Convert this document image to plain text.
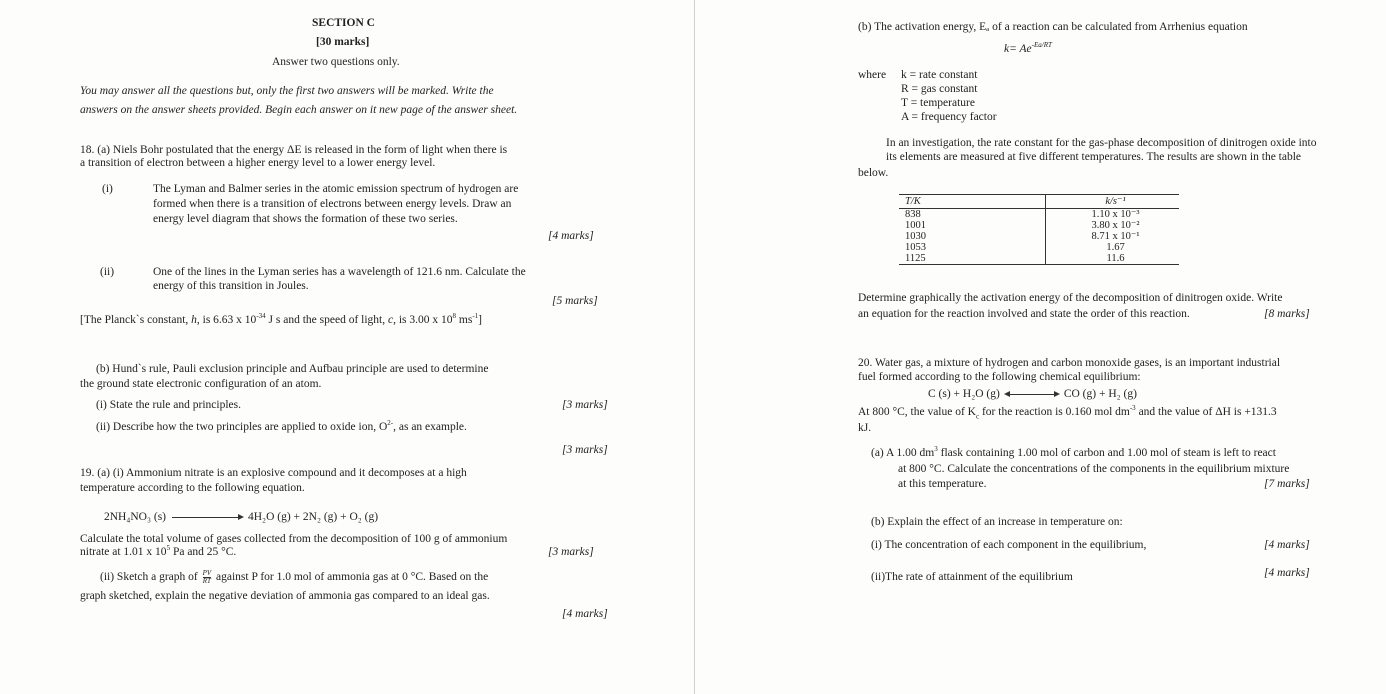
SECTION C
[30 marks]
Answer two questions only.
You may answer all the questions but, only the first two answers will be marked. Write the
answers on the answer sheets provided. Begin each answer on it new page of the answer sheet.
18. (a) Niels Bohr postulated that the energy ΔE is released in the form of light when there is
a transition of electron between a higher energy level to a lower energy level.
(i)	The Lyman and Balmer series in the atomic emission spectrum of hydrogen are
formed when there is a transition of electrons between energy levels. Draw an
energy level diagram that shows the formation of these two series.
[4 marks]
(ii)	One of the lines in the Lyman series has a wavelength of 121.6 nm. Calculate the
energy of this transition in Joules.
[5 marks]
[The Planck`s constant, h, is 6.63 x $10^{-34}$ J s and the speed of light, c, is 3.00 x $10^8$ $ms^{-1}$]
(b) Hund`s rule, Pauli exclusion principle and Aufbau principle are used to determine
the ground state electronic configuration of an atom.
(i) State the rule and principles.	[3 marks]
(ii) Describe how the two principles are applied to oxide ion, $O^{2-}$, as an example.
[3 marks]
19. (a) (i) Ammonium nitrate is an explosive compound and it decomposes at a high
temperature according to the following equation.
2NH₄NO₃ (s)	4H₂O (g) + 2N₂ (g) + O₂ (g)
Calculate the total volume of gases collected from the decomposition of 100 g of ammonium
nitrate at 1.01 x $10^5$ Pa and 25 °C.	[3 marks]
(ii) Sketch a graph of $\frac{PV}{RT}$ against P for 1.0 mol of ammonia gas at 0 °C. Based on the
graph sketched, explain the negative deviation of ammonia gas compared to an ideal gas.
[4 marks]
(b) The activation energy, Eₐ of a reaction can be calculated from Arrhenius equation
$k= Ae^{-Ea/RT}$
where k = rate constant
R = gas constant
T = temperature
A = frequency factor
In an investigation, the rate constant for the gas-phase decomposition of dinitrogen oxide into
its elements are measured at five different temperatures. The results are shown in the table
below.
T/K	k/s⁻¹
838	1.10 x 10⁻³
1001	3.80 x 10⁻²
1030	8.71 x 10⁻¹
1053	1.67
1125	11.6
Determine graphically the activation energy of the decomposition of dinitrogen oxide. Write
an equation for the reaction involved and state the order of this reaction.	[8 marks]
20. Water gas, a mixture of hydrogen and carbon monoxide gases, is an important industrial
fuel formed according to the following chemical equilibrium:
C (s) + H₂O (g)	CO (g) + H₂ (g)
At 800 °C, the value of $K_c$ for the reaction is 0.160 mol $dm^{-3}$ and the value of ΔH is +131.3
kJ.
(a) A 1.00 $dm^3$ flask containing 1.00 mol of carbon and 1.00 mol of steam is left to react
at 800 °C. Calculate the concentrations of the components in the equilibrium mixture
at this temperature.	[7 marks]
(b) Explain the effect of an increase in temperature on:
(i) The concentration of each component in the equilibrium,	[4 marks]
(ii)The rate of attainment of the equilibrium	[4 marks]
